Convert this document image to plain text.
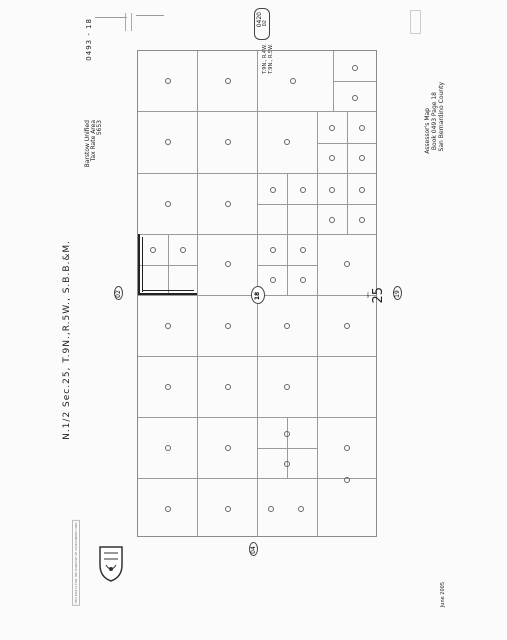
0493 - 18
Barstow Unified Tax Rate Area 5653
N.1/2 Sec.25, T.9N.,R.5W., S.B.B.&M.
0420 02
T.9N., R.4W. T.9N., R.5W.
Assessor's Map Book 0493 Page 18 San Bernardino County
June 2005
02	19
04
18	SEC. 25
THIS MAP IS FOR THE PURPOSE OF ASSESSMENT ONLY
